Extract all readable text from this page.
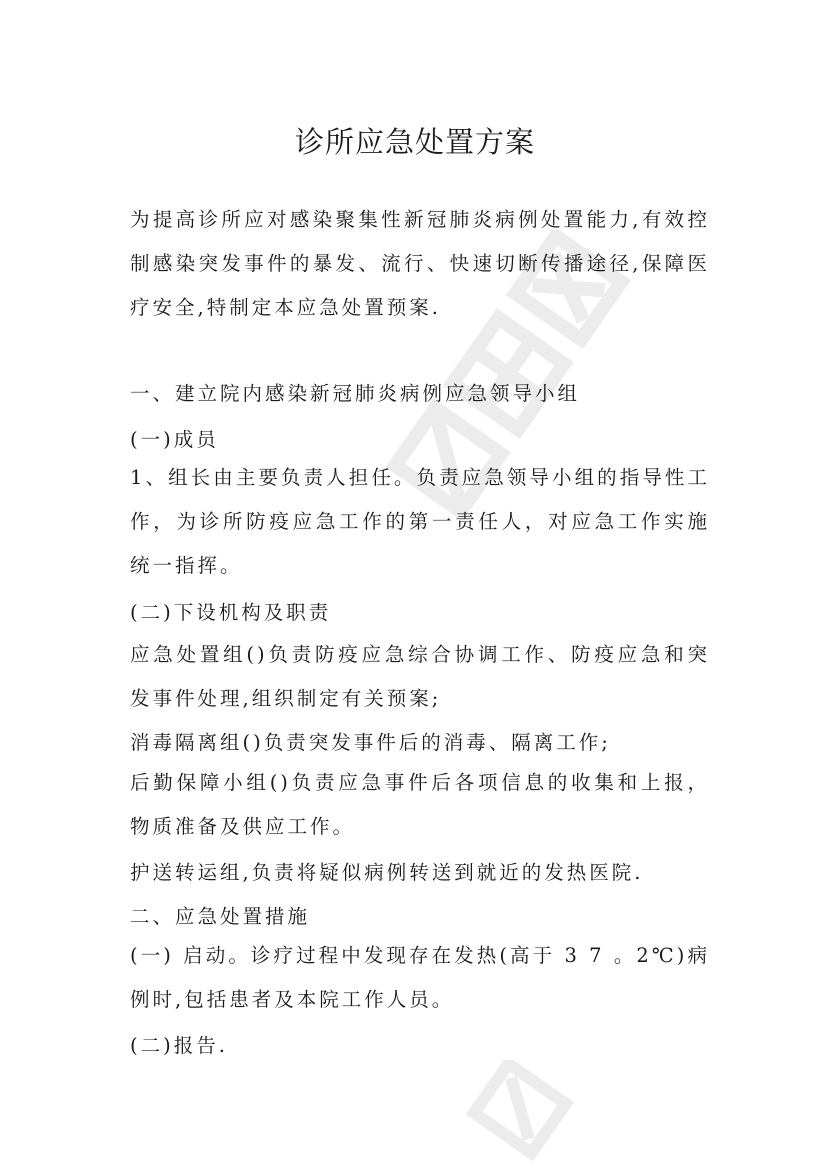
诊所应急处置方案

为提高诊所应对感染聚集性新冠肺炎病例处置能力,有效控制感染突发事件的暴发、流行、快速切断传播途径,保障医疗安全,特制定本应急处置预案.

一、建立院内感染新冠肺炎病例应急领导小组

(一)成员

1、组长由主要负责人担任。负责应急领导小组的指导性工作，为诊所防疫应急工作的第一责任人，对应急工作实施统一指挥。

(二)下设机构及职责

应急处置组()负责防疫应急综合协调工作、防疫应急和突发事件处理,组织制定有关预案;

消毒隔离组()负责突发事件后的消毒、隔离工作;

后勤保障小组()负责应急事件后各项信息的收集和上报，物质准备及供应工作。

护送转运组,负责将疑似病例转送到就近的发热医院.

二、应急处置措施

(一) 启动。诊疗过程中发现存在发热(高于 3 7 。2℃)病例时,包括患者及本院工作人员。

(二)报告.
